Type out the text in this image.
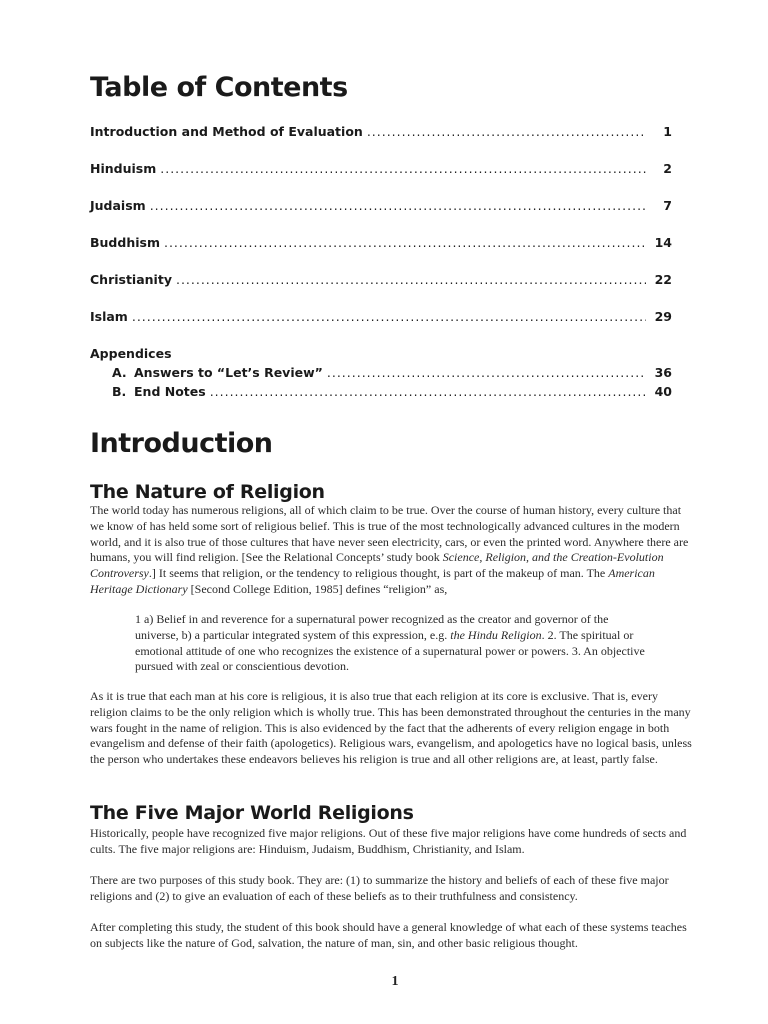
Table of Contents
Introduction and Method of Evaluation .....	1
Hinduism .....	2
Judaism .....	7
Buddhism .....	14
Christianity .....	22
Islam .....	29
Appendices
A. Answers to “Let’s Review” .....	36
B. End Notes .....	40
Introduction
The Nature of Religion

The world today has numerous religions, all of which claim to be true. Over the course of human history, every culture that we know of has held some sort of religious belief. This is true of the most technologically advanced cultures in the modern world, and it is also true of those cultures that have never seen electricity, cars, or even the printed word. Anywhere there are humans, you will find religion. [See the Relational Concepts’ study book Science, Religion, and the Creation-Evolution Controversy.] It seems that religion, or the tendency to religious thought, is part of the makeup of man. The American Heritage Dictionary [Second College Edition, 1985] defines “religion” as,

1 a) Belief in and reverence for a supernatural power recognized as the creator and governor of the universe, b) a particular integrated system of this expression, e.g. the Hindu Religion. 2. The spiritual or emotional attitude of one who recognizes the existence of a supernatural power or powers. 3. An objective pursued with zeal or conscientious devotion.

As it is true that each man at his core is religious, it is also true that each religion at its core is exclusive. That is, every religion claims to be the only religion which is wholly true. This has been demonstrated throughout the centuries in the many wars fought in the name of religion. This is also evidenced by the fact that the adherents of every religion engage in both evangelism and defense of their faith (apologetics). Religious wars, evangelism, and apologetics have no logical basis, unless the person who undertakes these endeavors believes his religion is true and all other religions are, at least, partly false.

The Five Major World Religions

Historically, people have recognized five major religions. Out of these five major religions have come hundreds of sects and cults. The five major religions are: Hinduism, Judaism, Buddhism, Christianity, and Islam.

There are two purposes of this study book. They are: (1) to summarize the history and beliefs of each of these five major religions and (2) to give an evaluation of each of these beliefs as to their truthfulness and consistency.

After completing this study, the student of this book should have a general knowledge of what each of these systems teaches on subjects like the nature of God, salvation, the nature of man, sin, and other basic religious thought.

1
